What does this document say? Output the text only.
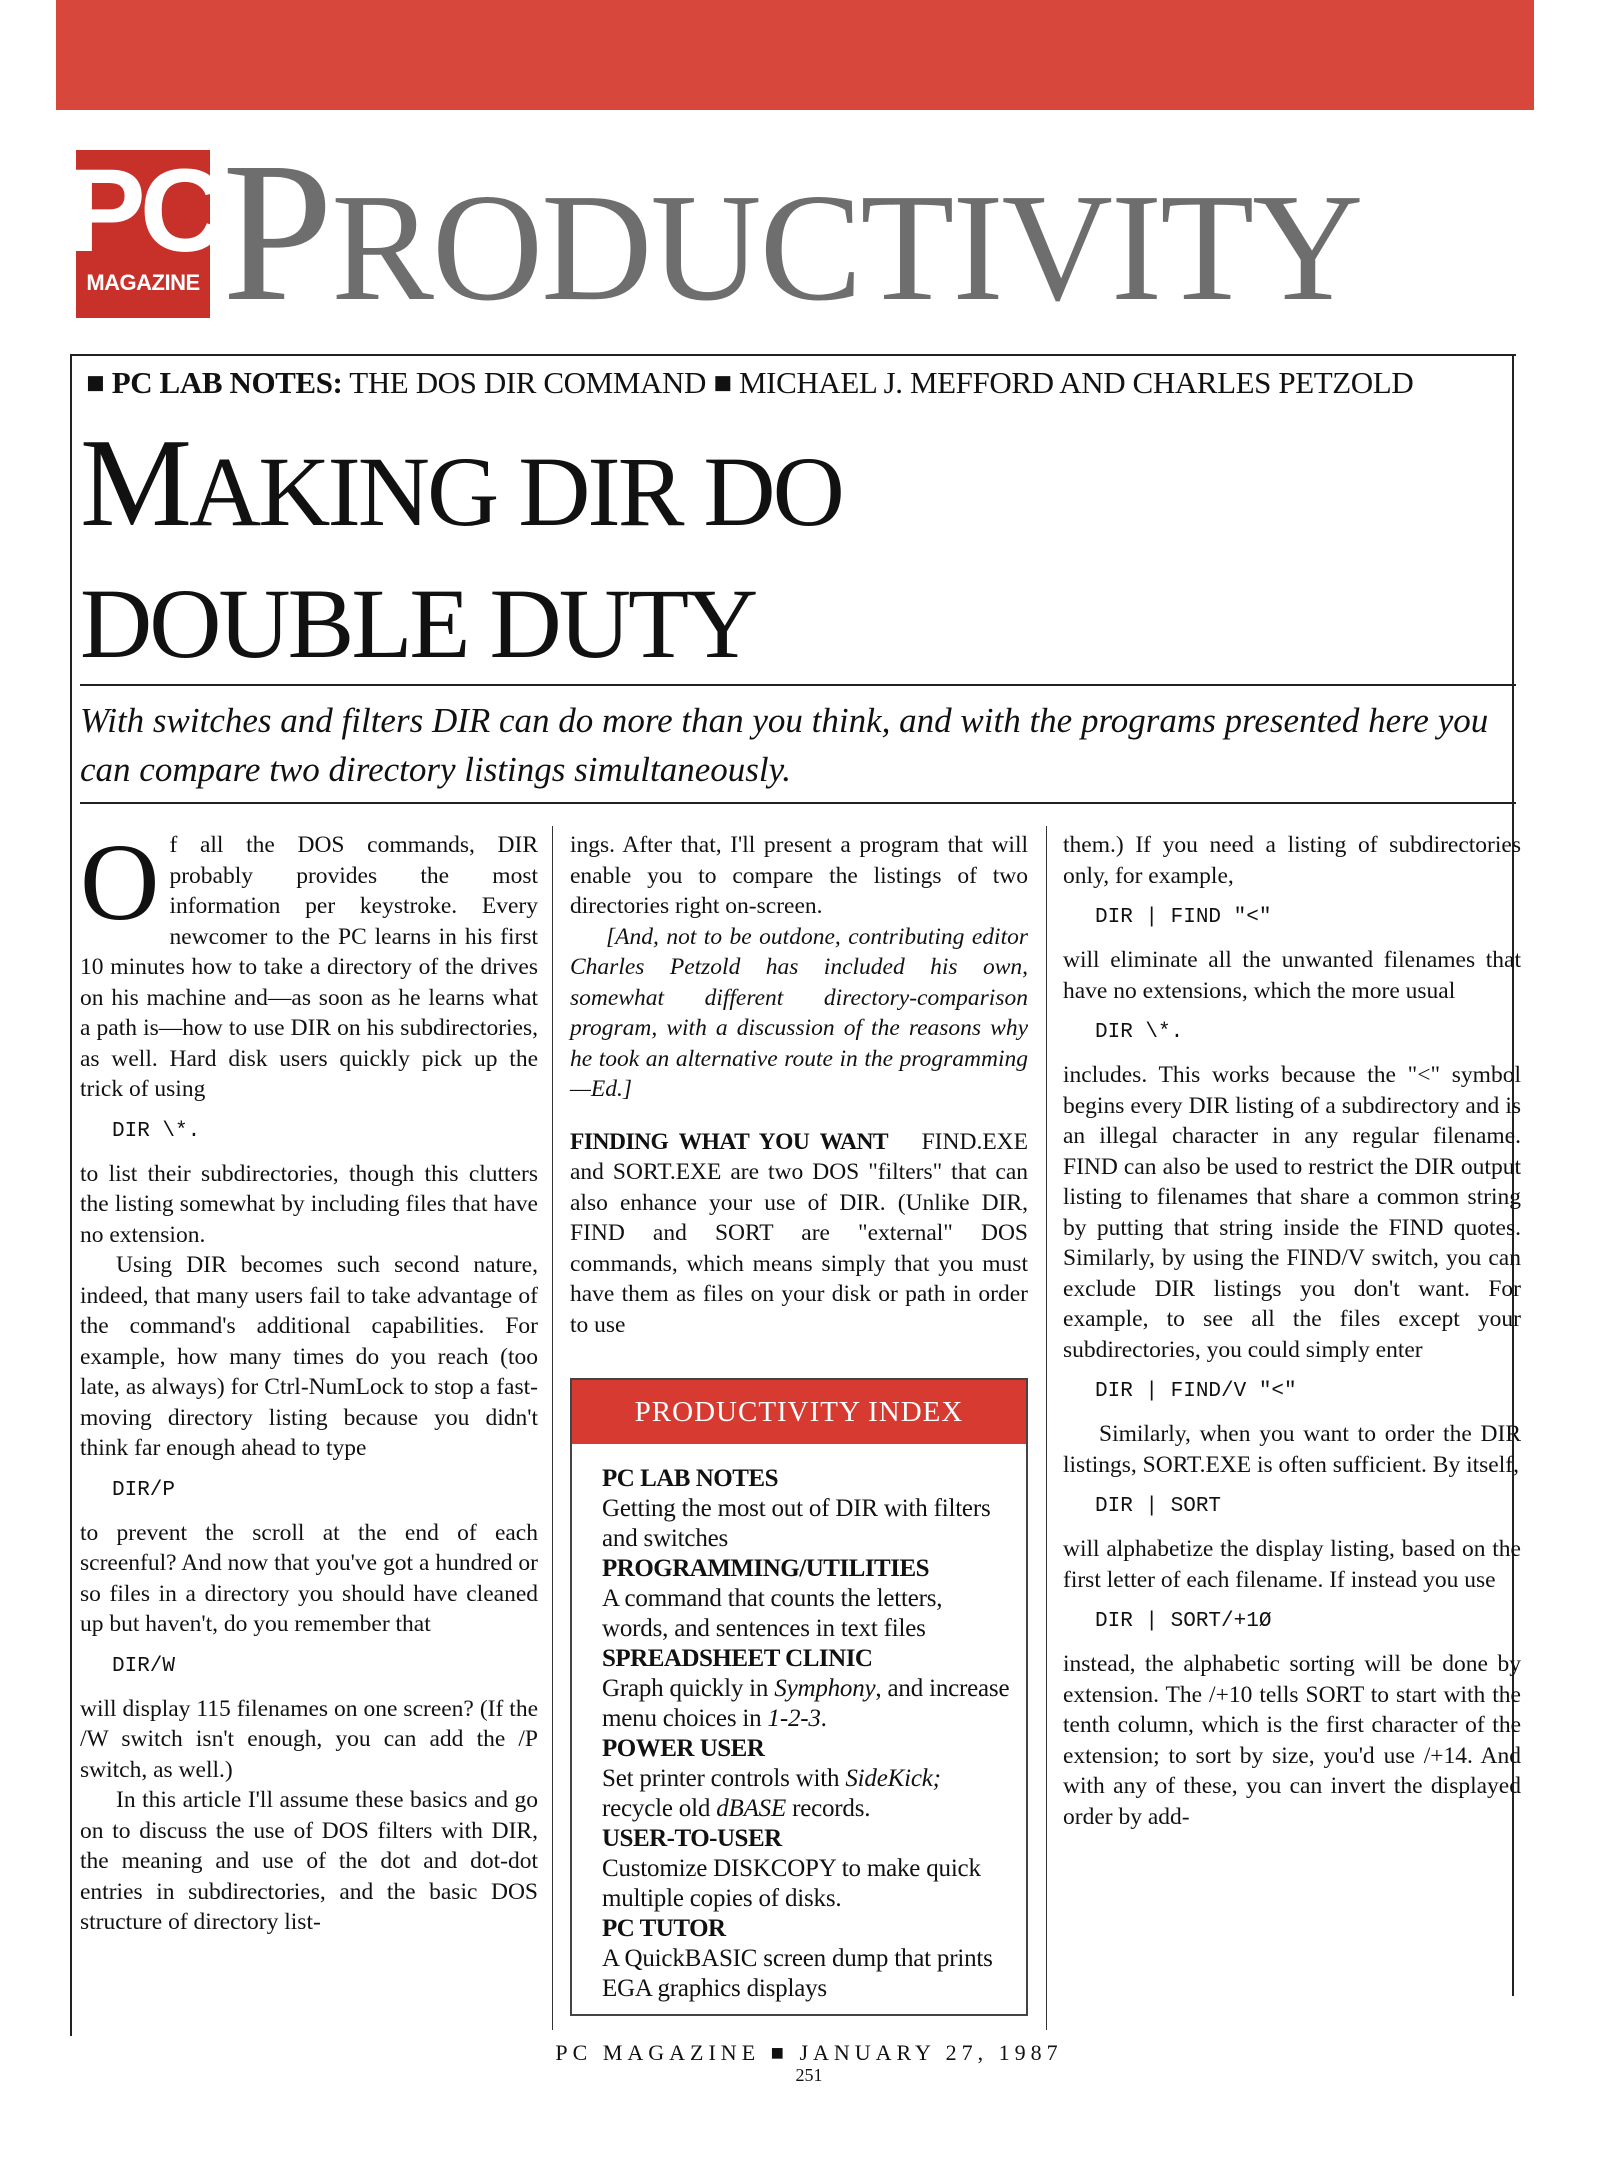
PC
MAGAZINE PRODUCTIVITY
■ PC LAB NOTES: THE DOS DIR COMMAND ■ MICHAEL J. MEFFORD AND CHARLES PETZOLD
MAKING DIR DO
DOUBLE DUTY
With switches and filters DIR can do more than you think, and with the programs presented here you can compare two directory listings simultaneously.

Of all the DOS commands, DIR probably provides the most information per keystroke. Every newcomer to the PC learns in his first 10 minutes how to take a directory of the drives on his machine and—as soon as he learns what a path is—how to use DIR on his subdirectories, as well. Hard disk users quickly pick up the trick of using

DIR \*.

to list their subdirectories, though this clutters the listing somewhat by including files that have no extension.

Using DIR becomes such second nature, indeed, that many users fail to take advantage of the command's additional capabilities. For example, how many times do you reach (too late, as always) for Ctrl-NumLock to stop a fast-moving directory listing because you didn't think far enough ahead to type

DIR/P

to prevent the scroll at the end of each screenful? And now that you've got a hundred or so files in a directory you should have cleaned up but haven't, do you remember that

DIR/W

will display 115 filenames on one screen? (If the /W switch isn't enough, you can add the /P switch, as well.)

In this article I'll assume these basics and go on to discuss the use of DOS filters with DIR, the meaning and use of the dot and dot-dot entries in subdirectories, and the basic DOS structure of directory list-

ings. After that, I'll present a program that will enable you to compare the listings of two directories right on-screen.

[And, not to be outdone, contributing editor Charles Petzold has included his own, somewhat different directory-comparison program, with a discussion of the reasons why he took an alternative route in the programming—Ed.]

FINDING WHAT YOU WANT FIND.EXE and SORT.EXE are two DOS "filters" that can also enhance your use of DIR. (Unlike DIR, FIND and SORT are "external" DOS commands, which means simply that you must have them as files on your disk or path in order to use

them.) If you need a listing of subdirectories only, for example,

DIR | FIND "<"

will eliminate all the unwanted filenames that have no extensions, which the more usual

DIR \*.

includes. This works because the "<" symbol begins every DIR listing of a subdirectory and is an illegal character in any regular filename. FIND can also be used to restrict the DIR output listing to filenames that share a common string by putting that string inside the FIND quotes. Similarly, by using the FIND/V switch, you can exclude DIR listings you don't want. For example, to see all the files except your subdirectories, you could simply enter

DIR | FIND/V "<"

Similarly, when you want to order the DIR listings, SORT.EXE is often sufficient. By itself,

DIR | SORT

will alphabetize the display listing, based on the first letter of each filename. If instead you use

DIR | SORT/+1Ø

instead, the alphabetic sorting will be done by extension. The /+10 tells SORT to start with the tenth column, which is the first character of the extension; to sort by size, you'd use /+14. And with any of these, you can invert the displayed order by add-

PRODUCTIVITY INDEX
PC LAB NOTES
Getting the most out of DIR with filters and switches
PROGRAMMING/UTILITIES
A command that counts the letters, words, and sentences in text files
SPREADSHEET CLINIC
Graph quickly in Symphony, and increase menu choices in 1-2-3.
POWER USER
Set printer controls with SideKick; recycle old dBASE records.
USER-TO-USER
Customize DISKCOPY to make quick multiple copies of disks.
PC TUTOR
A QuickBASIC screen dump that prints EGA graphics displays
PC MAGAZINE ■ JANUARY 27, 1987
251
